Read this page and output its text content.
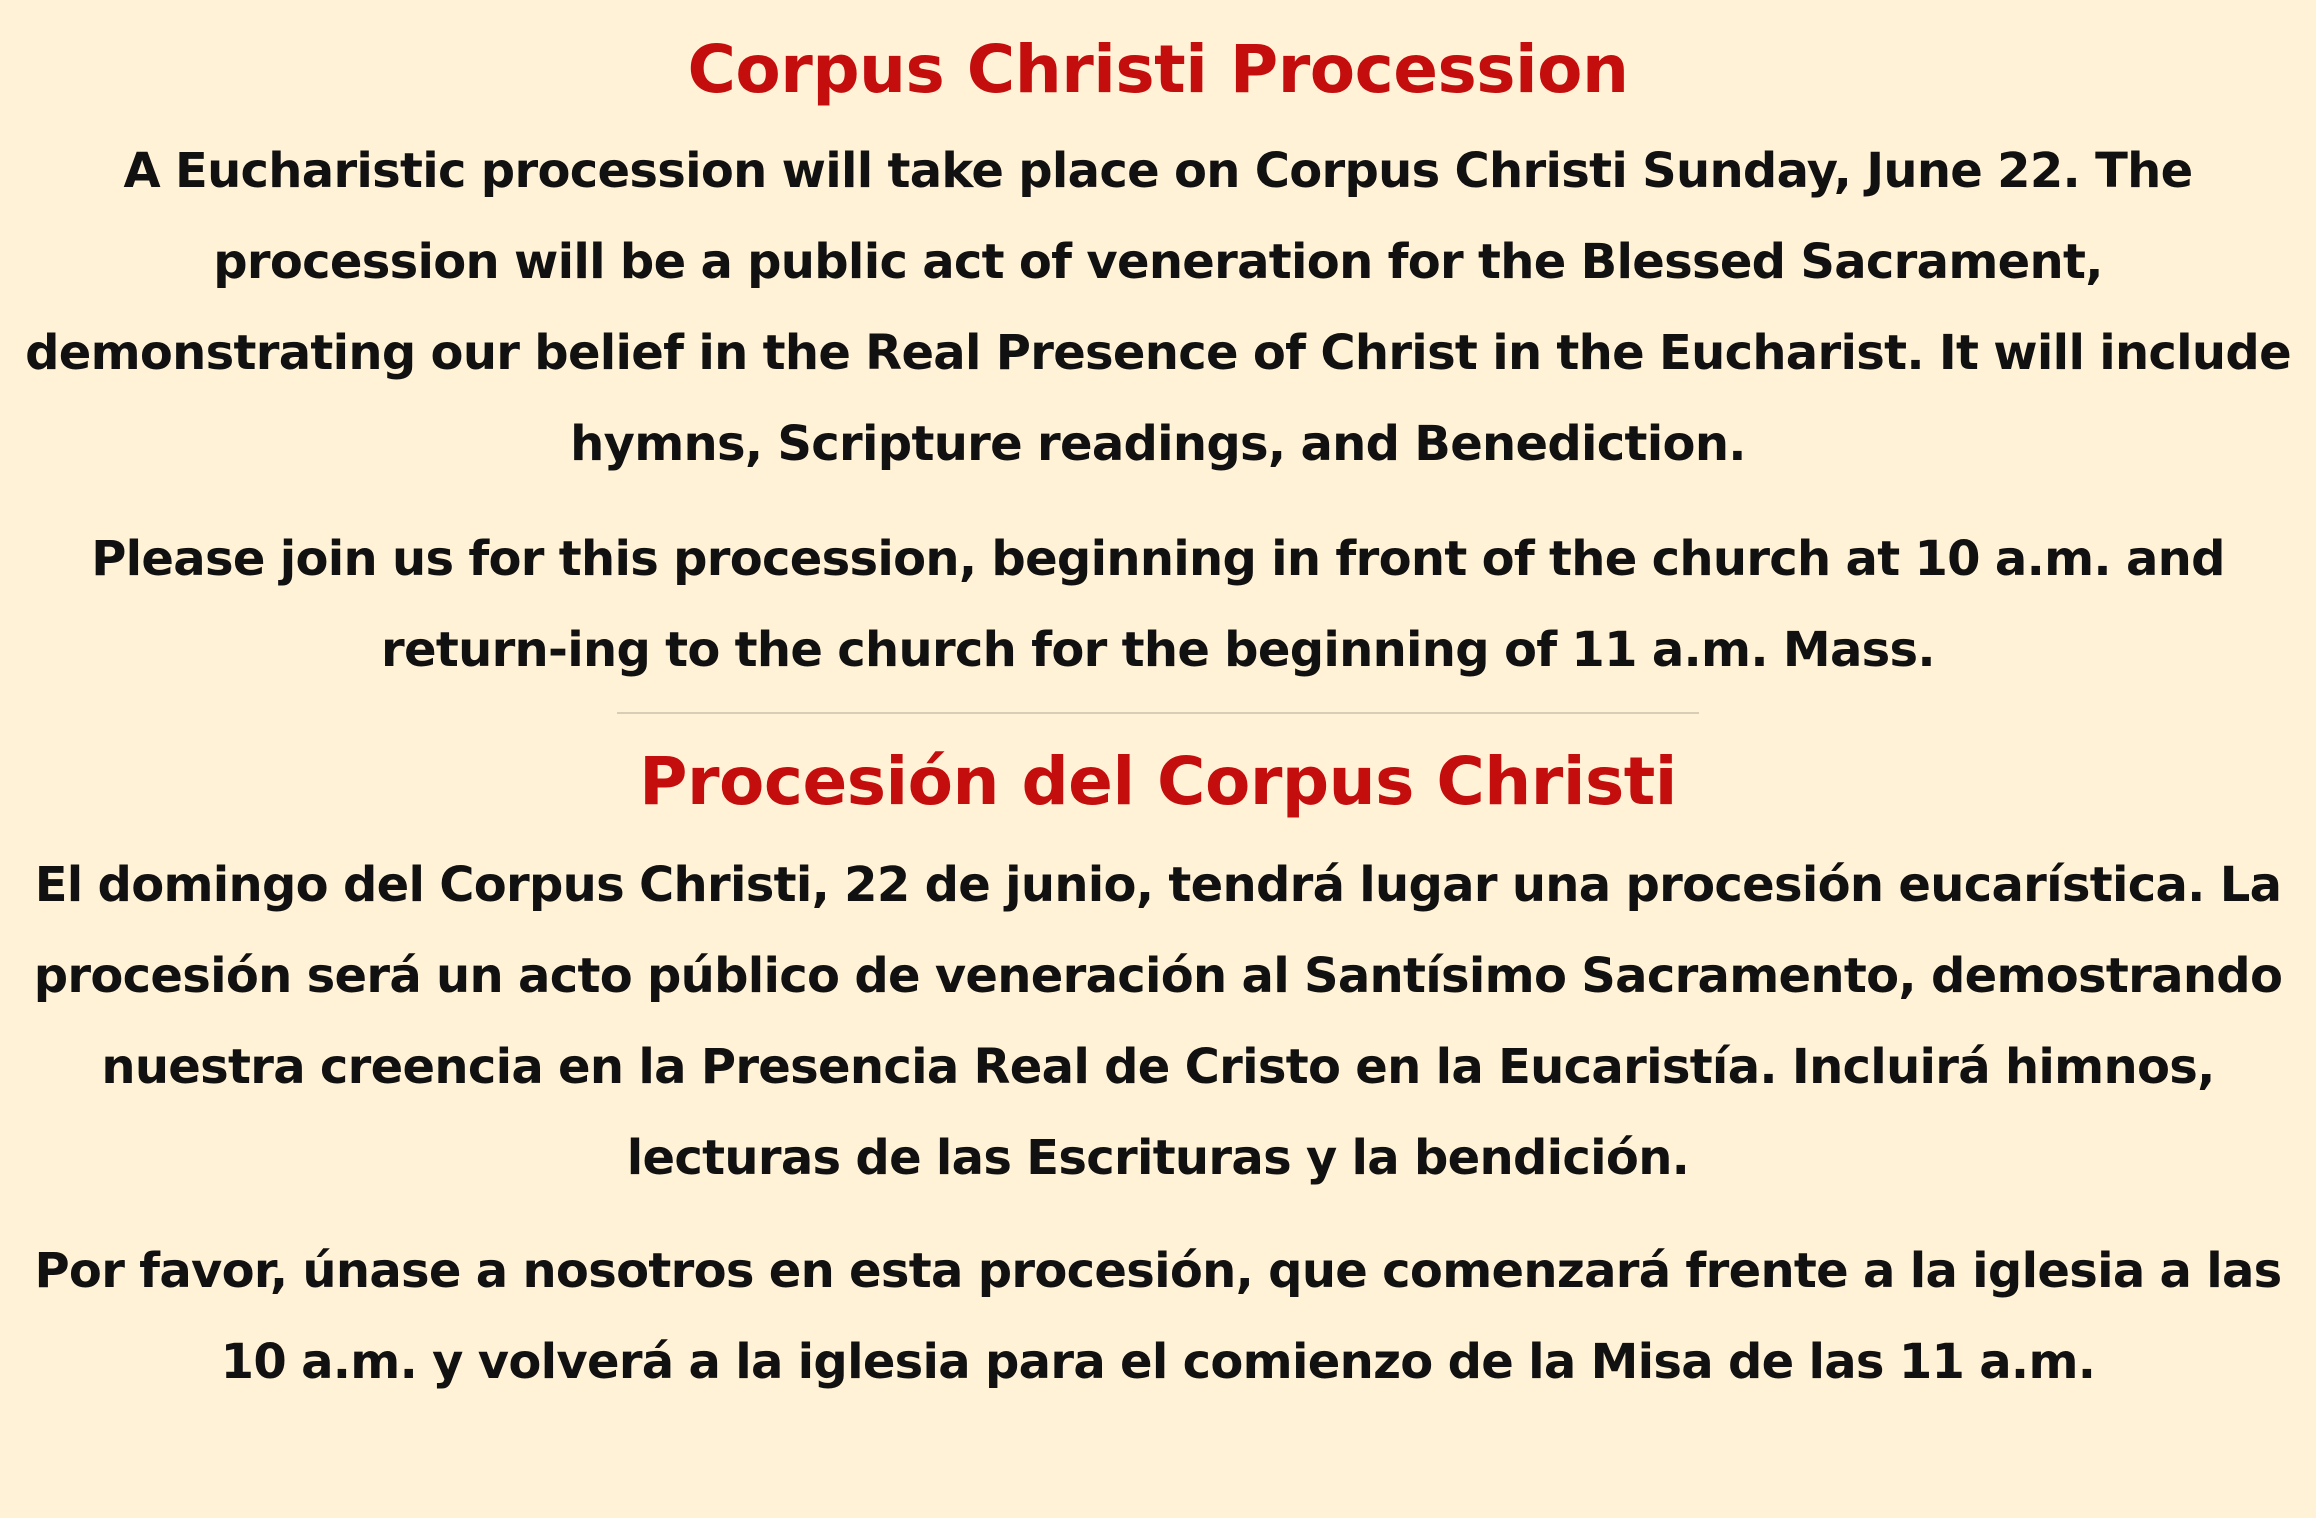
Corpus Christi Procession

A Eucharistic procession will take place on Corpus Christi Sunday, June 22. The procession will be a public act of veneration for the Blessed Sacrament, demonstrating our belief in the Real Presence of Christ in the Eucharist. It will include hymns, Scripture readings, and Benediction.

Please join us for this procession, beginning in front of the church at 10 a.m. and return-ing to the church for the beginning of 11 a.m. Mass.

Procesión del Corpus Christi

El domingo del Corpus Christi, 22 de junio, tendrá lugar una procesión eucarística. La procesión será un acto público de veneración al Santísimo Sacramento, demostrando nuestra creencia en la Presencia Real de Cristo en la Eucaristía. Incluirá himnos, lecturas de las Escrituras y la bendición.

Por favor, únase a nosotros en esta procesión, que comenzará frente a la iglesia a las 10 a.m. y volverá a la iglesia para el comienzo de la Misa de las 11 a.m.
